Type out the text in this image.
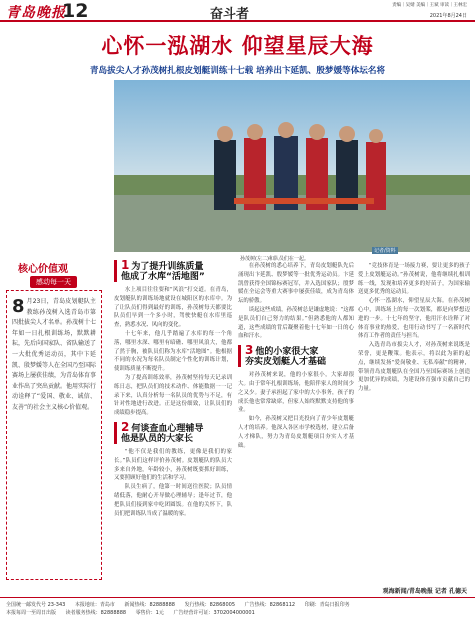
青岛晚报
12	奋斗者
责编｜吴婧 美编｜王斌 审读｜王林宏
2021年8月24日
心怀一泓湖水 仰望星辰大海
青岛拔尖人才孙茂树扎根皮划艇训练十七载 培养出卞延凯、殷梦媛等体坛名将
记者/资料
孙茂树(左二)和队员们在一起。
核心价值观
感动每一天
8 月23日，青岛皮划艇队主教练孙茂树入选青岛市第四批拔尖人才名单。孙茂树十七年如一日扎根训练场，默默耕耘，先后向国家队、省队输送了一大批优秀运动员，其中卞延凯、殷梦媛等人在全国乃至国际赛场上屡获佳绩，为青岛体育事业作出了突出贡献。他用实际行动诠释了“爱国、敬业、诚信、友善”的社会主义核心价值观。
1 为了提升训练质量
他成了水库“活地图”

水上项目往往要和“风浪”打交道。在青岛，皮划艇队的训练场地就设在城阳区的水库中。为了让队员们得到最好的训练，孙茂树每天都要比队员们早到一个多小时，驾驶快艇在水库里巡查，熟悉水况、风向的变化。

十七年来，他几乎踏遍了水库的每一个角落，哪里水深、哪里有暗礁、哪里风浪大，他都了然于胸，被队员们称为水库“活地图”。他根据不同的水况为每名队员制定个性化的训练计划，使训练质量不断提升。

为了提高训练效率，孙茂树坚持每天记录训练日志，把队员们的技术动作、体能数据一一记录下来，认真分析每一名队员的优势与不足，有针对性地进行改进。正是这份细致，让队员们的成绩稳步提高。

2 何谈查血心理辅导
他是队员的大家长

“他不仅是我们的教练，更像是我们的家长。”队员们这样评价孙茂树。皮划艇队的队员大多来自外地，年龄较小，孙茂树既要抓好训练，又要照顾好他们的生活和学习。

队员生病了，他第一时间送往医院；队员情绪低落，他耐心开导做心理辅导；逢年过节，他把队员们接到家中吃团圆饭。在他的关怀下，队员们把训练队当成了温暖的家。

在孙茂树的悉心培养下，青岛皮划艇队先后涌现出卞延凯、殷梦媛等一批优秀运动员。卞延凯曾获得全国锦标赛冠军，并入选国家队；殷梦媛在全运会等重大赛事中屡获佳绩，成为青岛体坛的骄傲。

谈起这些成绩，孙茂树总是谦虚地说：“这都是队员们自己努力的结果。”但熟悉他的人都知道，这些成绩的背后凝聚着他十七年如一日的心血和汗水。

3 他的小家很大家
夯实皮划艇人才基础

对孙茂树来说，他的小家很小，大家却很大。由于常年扎根训练场，他陪伴家人的时间少之又少。妻子承担起了家中的大小事务，孩子的成长他也常常缺席，但家人始终默默支持他的事业。

如今，孙茂树又把目光投向了青少年皮划艇人才的培养。他深入各区市学校选材，建立后备人才梯队，努力为青岛皮划艇项目夯实人才基础。

“竞技体育是一场接力赛，要让更多的孩子爱上皮划艇运动。”孙茂树说，他将继续扎根训练一线，发现和培养更多的好苗子，为国家输送更多优秀的运动员。

心怀一泓湖水，仰望星辰大海。在孙茂树心中，训练场上的每一次划桨，都是向梦想迈进的一步。十七年的坚守，他用汗水诠释了对体育事业的热爱，也用行动书写了一名新时代体育工作者的责任与担当。

入选青岛市拔尖人才，对孙茂树来说既是荣誉，更是鞭策。他表示，将以此为新的起点，继续发扬“爱岗敬业、无私奉献”的精神，带领青岛皮划艇队在全国乃至国际赛场上创造更加优异的成绩，为建设体育强市贡献自己的力量。

观海新闻/青岛晚报 记者 孔德天
全国统一邮发代号 23-343 本报地址：青岛市 新闻热线：82888888 发行热线：82868005 广告热线：82868112 印刷：青岛日报印务
本报每周一至周日出版 读者服务热线：82888888 零售价：1元 广告经营许可证：3702004000001
